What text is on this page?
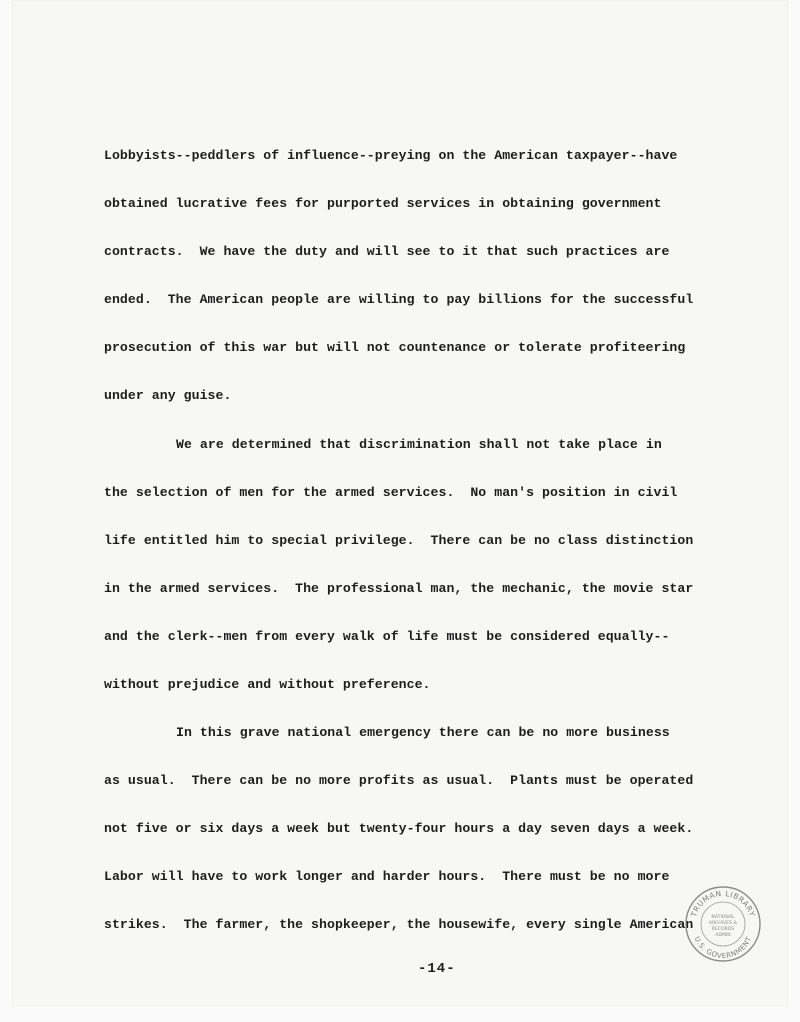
Lobbyists--peddlers of influence--preying on the American taxpayer--have
obtained lucrative fees for purported services in obtaining government
contracts.  We have the duty and will see to it that such practices are
ended.  The American people are willing to pay billions for the successful
prosecution of this war but will not countenance or tolerate profiteering
under any guise.
We are determined that discrimination shall not take place in
the selection of men for the armed services.  No man's position in civil
life entitled him to special privilege.  There can be no class distinction
in the armed services.  The professional man, the mechanic, the movie star
and the clerk--men from every walk of life must be considered equally--
without prejudice and without preference.
In this grave national emergency there can be no more business
as usual.  There can be no more profits as usual.  Plants must be operated
not five or six days a week but twenty-four hours a day seven days a week.
Labor will have to work longer and harder hours.  There must be no more
strikes.  The farmer, the shopkeeper, the housewife, every single American
-14-
TRUMAN LIBRARY
NATIONAL
ARCHIVES &
RECORDS
ADMIN
U.S. GOVERNMENT
